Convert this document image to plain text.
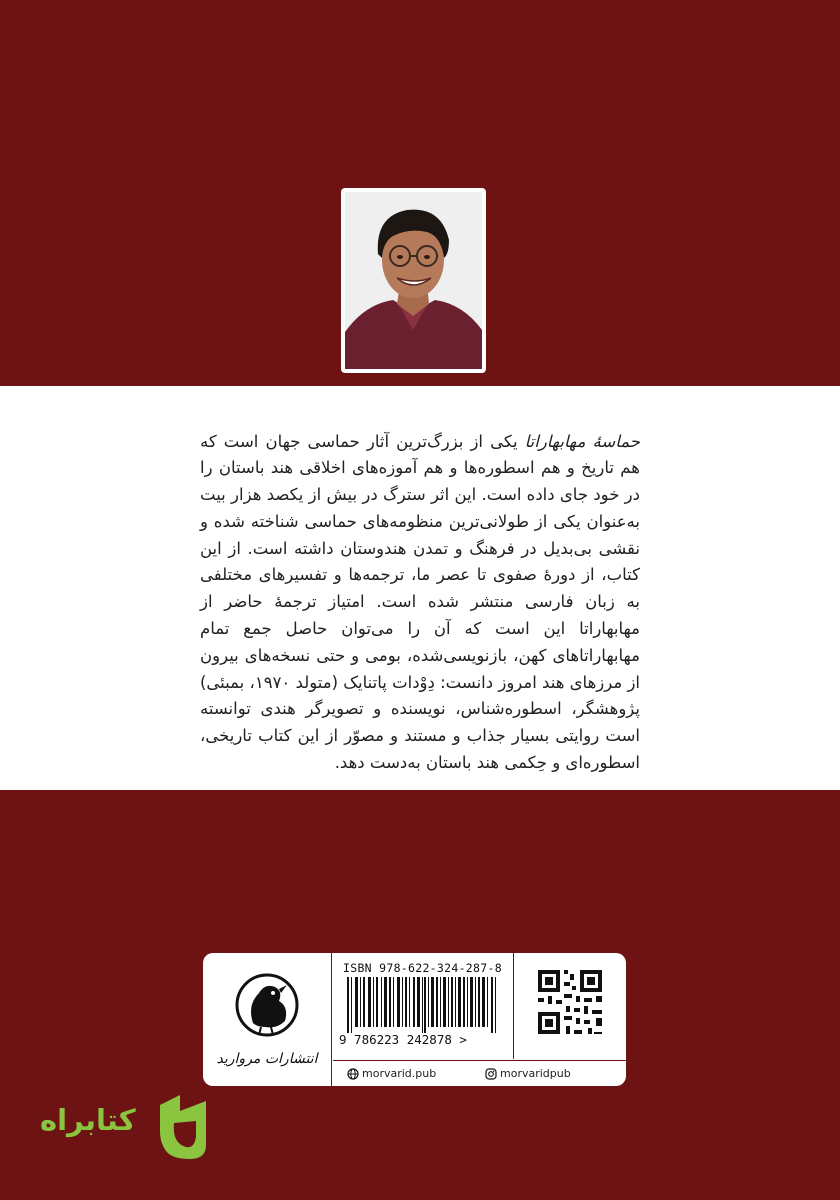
حماسهٔ مهابهاراتا یکی از بزرگ‌ترین آثار حماسی جهان است که هم تاریخ و هم اسطوره‌ها و هم آموزه‌های اخلاقی هند باستان را در خود جای داده است. این اثر سترگ در بیش از یکصد هزار بیت به‌عنوان یکی از طولانی‌ترین منظومه‌های حماسی شناخته شده و نقشی بی‌بدیل در فرهنگ و تمدن هندوستان داشته است. از این کتاب، از دورهٔ صفوی تا عصر ما، ترجمه‌ها و تفسیرهای مختلفی به زبان فارسی منتشر شده است. امتیاز ترجمهٔ حاضر از مهابهاراتا این است که آن را می‌توان حاصل جمع تمام مهابهاراتاهای کهن، بازنویسی‌شده، بومی و حتی نسخه‌های بیرون از مرزهای هند امروز دانست: دِوْدات پاتنایک (متولد ۱۹۷۰، بمبئی) پژوهشگر، اسطوره‌شناس، نویسنده و تصویرگر هندی توانسته است روایتی بسیار جذاب و مستند و مصوّر از این کتاب تاریخی، اسطوره‌ای و حِکمی هند باستان به‌دست دهد.

انتشارات مروارید
ISBN 978-622-324-287-8
9 786223 242878 >
morvarid.pub	morvaridpub
کتابراه
